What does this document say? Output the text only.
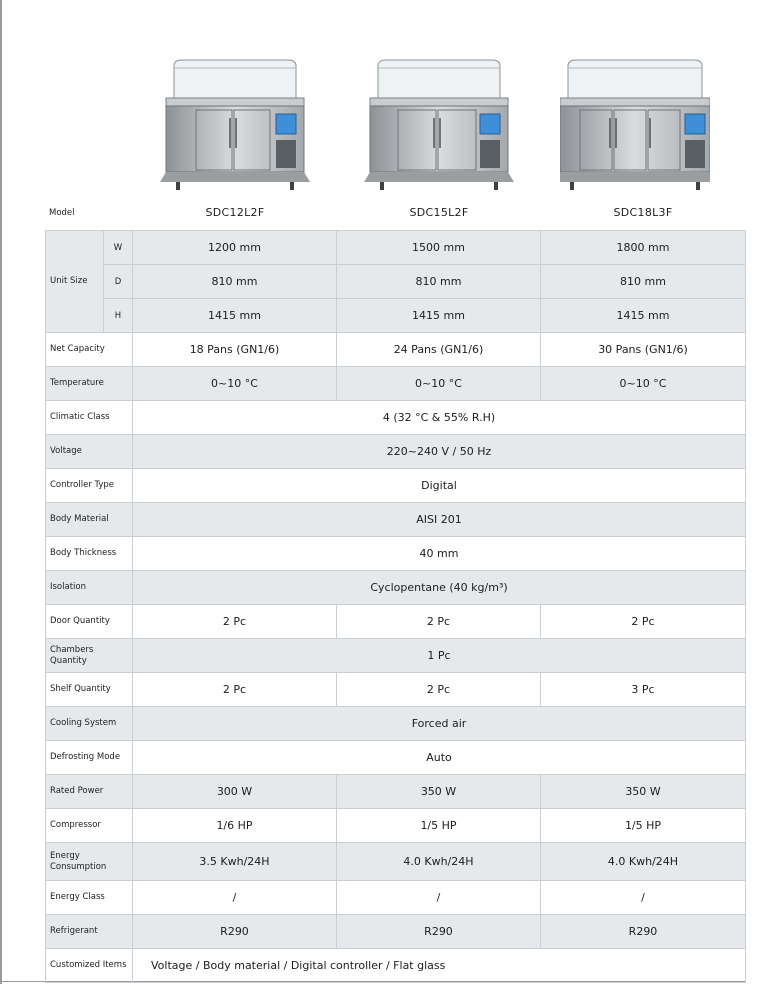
Model	SDC12L2F	SDC15L2F	SDC18L3F
Unit Size	W	1200 mm	1500 mm	1800 mm
	D	810 mm	810 mm	810 mm
	H	1415 mm	1415 mm	1415 mm
Net Capacity		18 Pans (GN1/6)	24 Pans (GN1/6)	30 Pans (GN1/6)
Temperature		0~10 °C	0~10 °C	0~10 °C
Climatic Class		4 (32 °C & 55% R.H)		
Voltage		220~240 V / 50 Hz		
Controller Type		Digital		
Body Material		AISI 201		
Body Thickness		40 mm		
Isolation		Cyclopentane (40 kg/m³)		
Door Quantity		2 Pc	2 Pc	2 Pc
Chambers Quantity		1 Pc		
Shelf Quantity		2 Pc	2 Pc	3 Pc
Cooling System		Forced air		
Defrosting Mode		Auto		
Rated Power		300 W	350 W	350 W
Compressor		1/6 HP	1/5 HP	1/5 HP
Energy Consumption		3.5 Kwh/24H	4.0 Kwh/24H	4.0 Kwh/24H
Energy Class		/	/	/
Refrigerant		R290	R290	R290
Customized Items		Voltage / Body material / Digital controller / Flat glass		
